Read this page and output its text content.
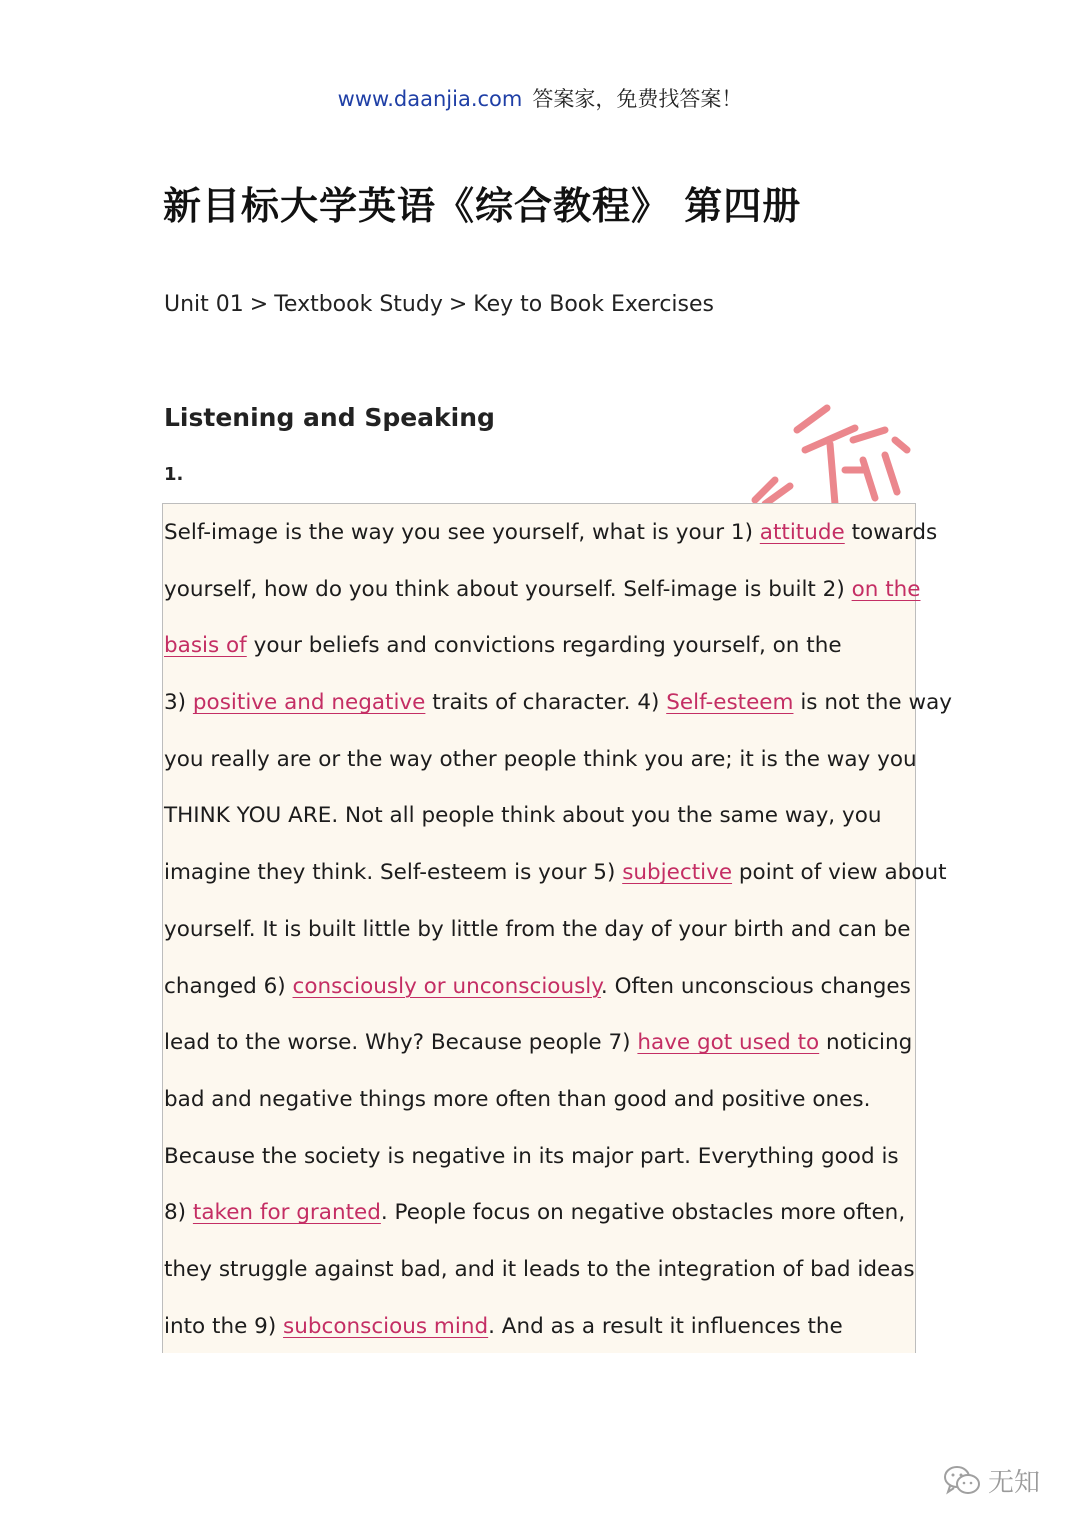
www.daanjia.com 答案家，免费找答案！
新目标大学英语《综合教程》 第四册
Unit 01 > Textbook Study > Key to Book Exercises
Listening and Speaking
1.

Self-image is the way you see yourself, what is your 1) attitude towards
yourself, how do you think about yourself. Self-image is built 2) on the
basis of your beliefs and convictions regarding yourself, on the
3) positive and negative traits of character. 4) Self-esteem is not the way
you really are or the way other people think you are; it is the way you
THINK YOU ARE. Not all people think about you the same way, you
imagine they think. Self-esteem is your 5) subjective point of view about
yourself. It is built little by little from the day of your birth and can be
changed 6) consciously or unconsciously. Often unconscious changes
lead to the worse. Why? Because people 7) have got used to noticing
bad and negative things more often than good and positive ones.
Because the society is negative in its major part. Everything good is
8) taken for granted. People focus on negative obstacles more often,
they struggle against bad, and it leads to the integration of bad ideas
into the 9) subconscious mind. And as a result it influences the

无知
